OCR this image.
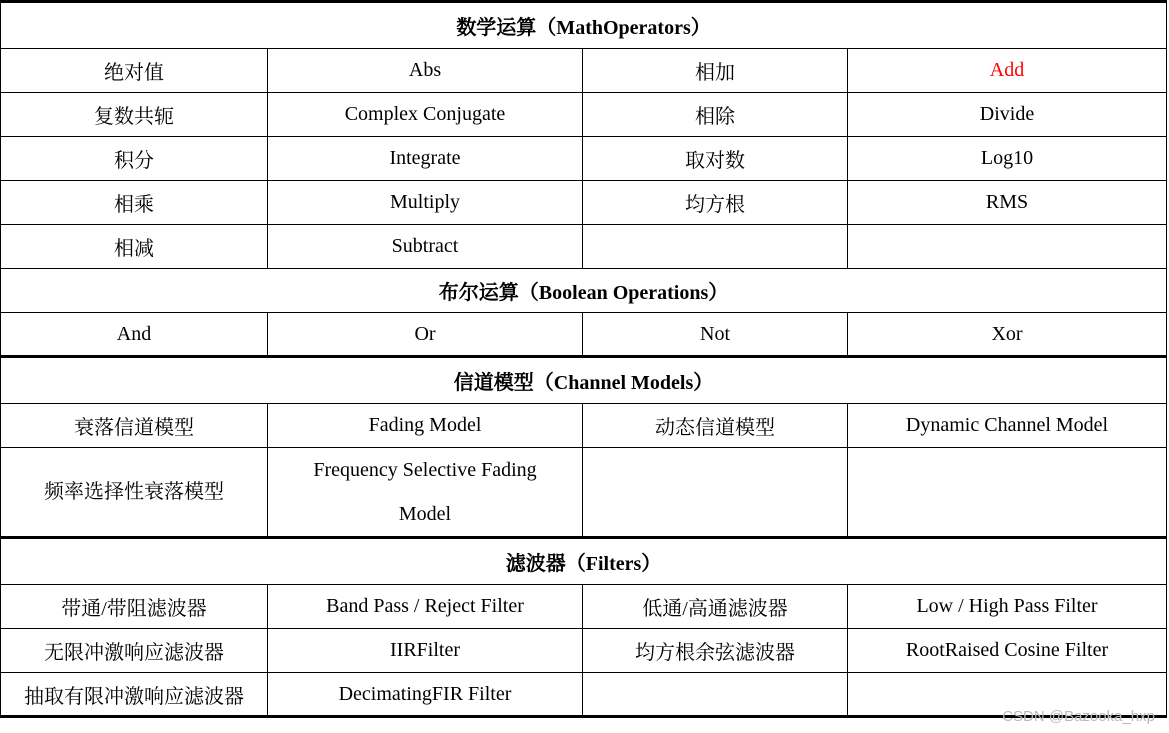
数学运算（MathOperators）			
绝对值	Abs	相加	Add
复数共轭	Complex Conjugate	相除	Divide
积分	Integrate	取对数	Log10
相乘	Multiply	均方根	RMS
相减	Subtract		
布尔运算（Boolean Operations）			
And	Or	Not	Xor
信道模型（Channel Models）			
衰落信道模型	Fading Model	动态信道模型	Dynamic Channel Model
频率选择性衰落模型	Frequency Selective Fading Model		
滤波器（Filters）			
带通/带阻滤波器	Band Pass / Reject Filter	低通/高通滤波器	Low / High Pass Filter
无限冲激响应滤波器	IIRFilter	均方根余弦滤波器	RootRaised Cosine Filter
抽取有限冲激响应滤波器	DecimatingFIR Filter		
CSDN @Bazooka_hxp
